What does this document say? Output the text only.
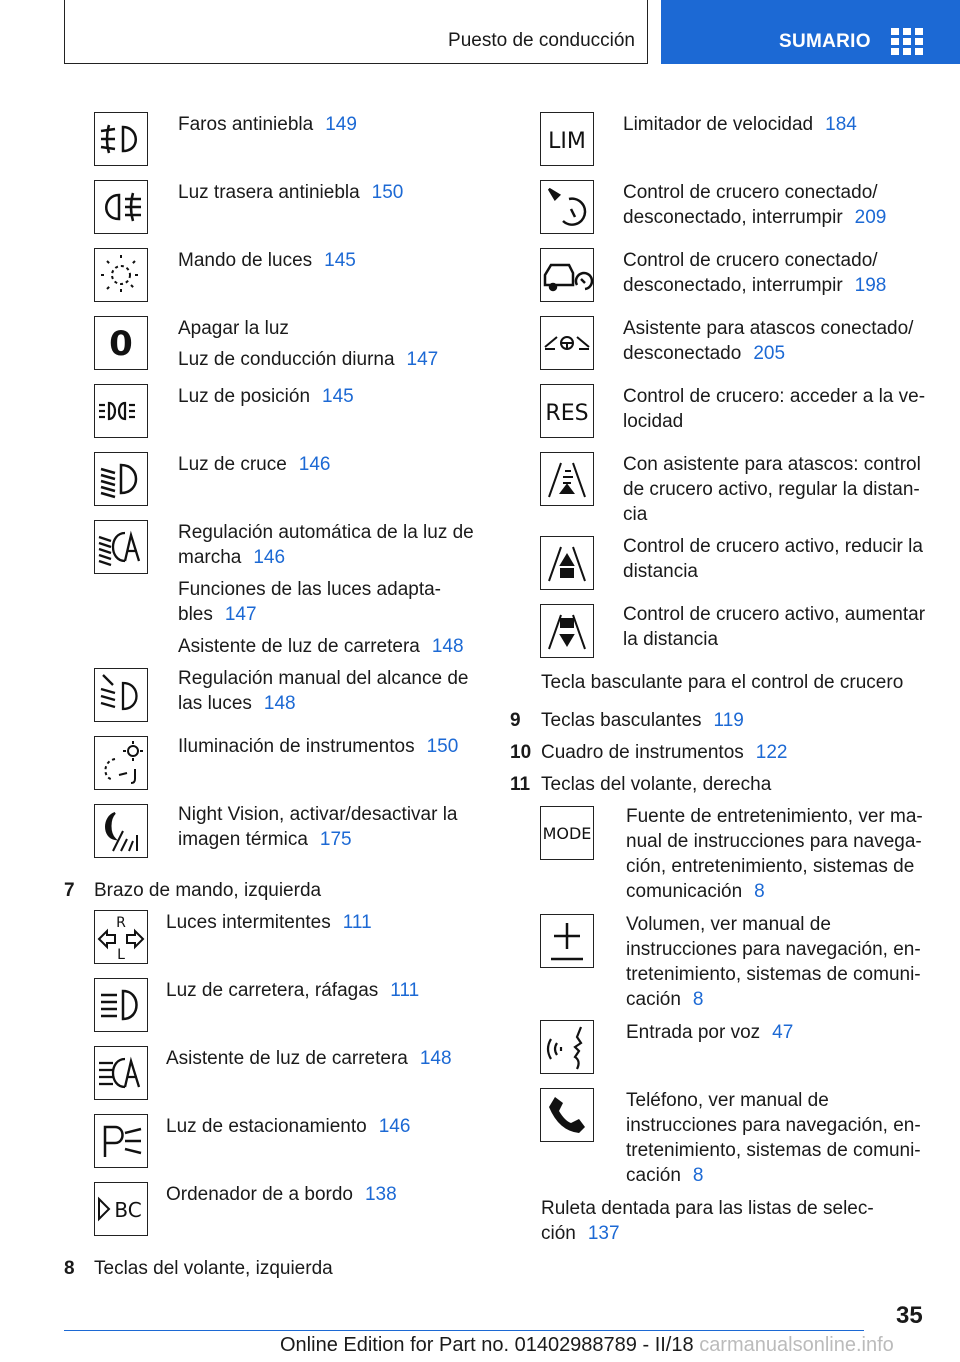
Puesto de conducción	SUMARIO
Faros antiniebla 149
Luz trasera antiniebla 150
Mando de luces 145
0 Apagar la luz
Luz de conducción diurna 147
Luz de posición 145
Luz de cruce 146
Regulación automática de la luz de
marcha 146
Funciones de las luces adapta-
bles 147
Asistente de luz de carretera 148
Regulación manual del alcance de
las luces 148
Iluminación de instrumentos 150
Night Vision, activar/desactivar la
imagen térmica 175
7 Brazo de mando, izquierda
R
L
Luces intermitentes 111
Luz de carretera, ráfagas 111
Asistente de luz de carretera 148
Luz de estacionamiento 146
BC
Ordenador de a bordo 138
8 Teclas del volante, izquierda
LIM
Limitador de velocidad 184
Control de crucero conectado/
desconectado, interrumpir 209
Control de crucero conectado/
desconectado, interrumpir 198
Asistente para atascos conectado/
desconectado 205
RES
Control de crucero: acceder a la ve-
locidad
Con asistente para atascos: control
de crucero activo, regular la distan-
cia
Control de crucero activo, reducir la
distancia
Control de crucero activo, aumentar
la distancia
Tecla basculante para el control de crucero
9 Teclas basculantes 119
10 Cuadro de instrumentos 122
11 Teclas del volante, derecha
MODE
Fuente de entretenimiento, ver ma-
nual de instrucciones para navega-
ción, entretenimiento, sistemas de
comunicación 8
Volumen, ver manual de
instrucciones para navegación, en-
tretenimiento, sistemas de comuni-
cación 8
Entrada por voz 47
Teléfono, ver manual de
instrucciones para navegación, en-
tretenimiento, sistemas de comuni-
cación 8
Ruleta dentada para las listas de selec-
ción 137
35
Online Edition for Part no. 01402988789 - II/18 carmanualsonline.info
